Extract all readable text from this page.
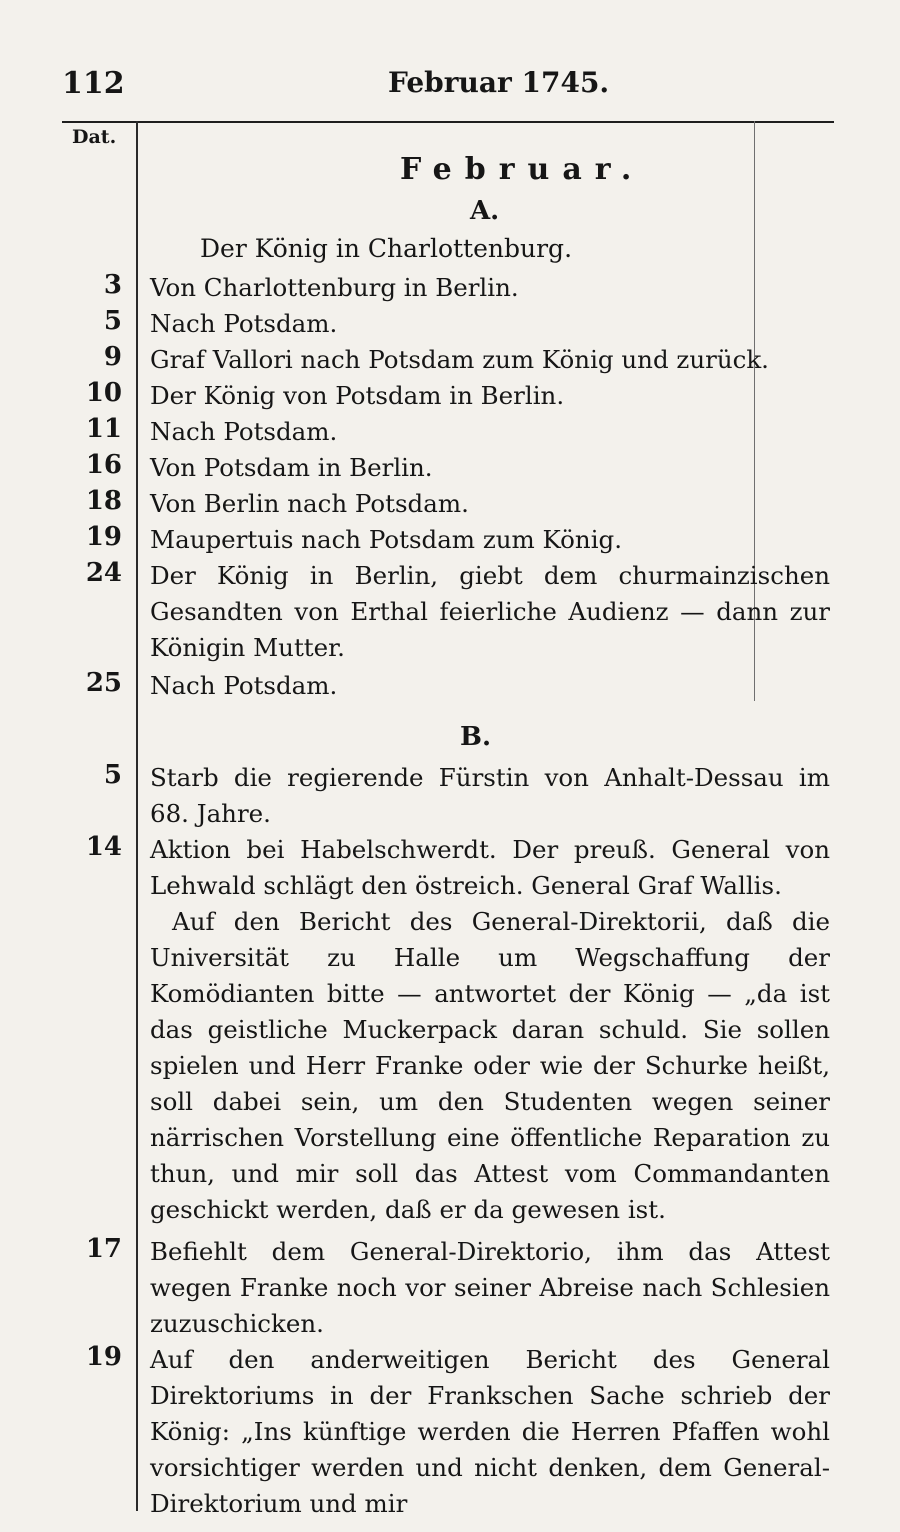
112	Februar 1745.
Dat.
Februar.
A.
Der König in Charlottenburg.
3 Von Charlottenburg in Berlin.
5 Nach Potsdam.
9 Graf Vallori nach Potsdam zum König und zurück.
10 Der König von Potsdam in Berlin.
11 Nach Potsdam.
16 Von Potsdam in Berlin.
18 Von Berlin nach Potsdam.
19 Maupertuis nach Potsdam zum König.
24 Der König in Berlin, giebt dem churmainzischen Gesandten von Erthal feierliche Audienz — dann zur Königin Mutter.
25 Nach Potsdam.
B.
5 Starb die regierende Fürstin von Anhalt-Dessau im 68. Jahre.
14 Aktion bei Habelschwerdt. Der preuß. General von Lehwald schlägt den östreich. General Graf Wallis.
Auf den Bericht des General-Direktorii, daß die Universität zu Halle um Wegschaffung der Komödianten bitte — antwortet der König — „da ist das geistliche Muckerpack daran schuld. Sie sollen spielen und Herr Franke oder wie der Schurke heißt, soll dabei sein, um den Studenten wegen seiner närrischen Vorstellung eine öffentliche Reparation zu thun, und mir soll das Attest vom Commandanten geschickt werden, daß er da gewesen ist.
17 Befiehlt dem General-Direktorio, ihm das Attest wegen Franke noch vor seiner Abreise nach Schlesien zuzuschicken.
19 Auf den anderweitigen Bericht des General Direktoriums in der Frankschen Sache schrieb der König: „Ins künftige werden die Herren Pfaffen wohl vorsichtiger werden und nicht denken, dem General-Direktorium und mir
